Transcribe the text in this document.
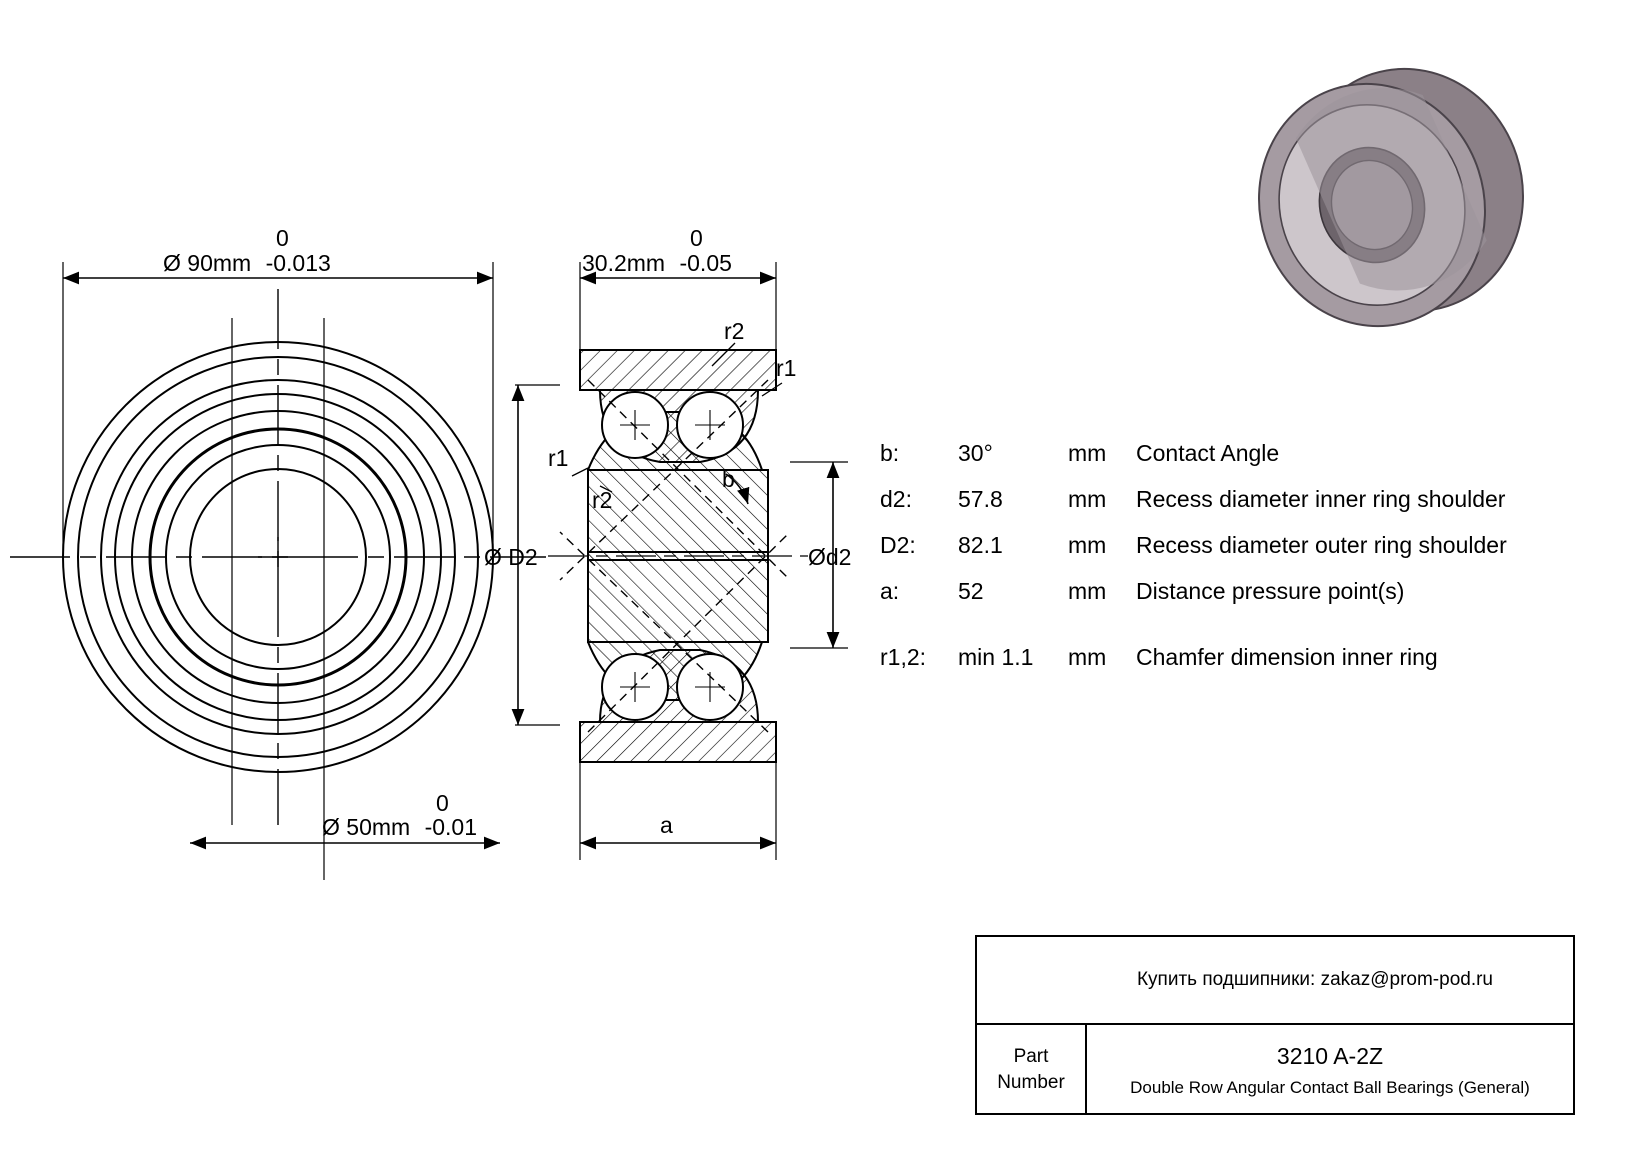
0
Ø 90mm -0.013
0
Ø 50mm -0.01
0
30.2mm -0.05
r2
r1
r1
r2
b
Ø D2	Ød2
a
b:	30°	mm	Contact Angle
d2:	57.8	mm	Recess diameter inner ring shoulder
D2:	82.1	mm	Recess diameter outer ring shoulder
a:	52	mm	Distance pressure point(s)
r1,2:	min 1.1	mm	Chamfer dimension inner ring
Купить подшипники: zakaz@prom-pod.ru
Part
Number
3210 A-2Z
Double Row Angular Contact Ball Bearings (General)
